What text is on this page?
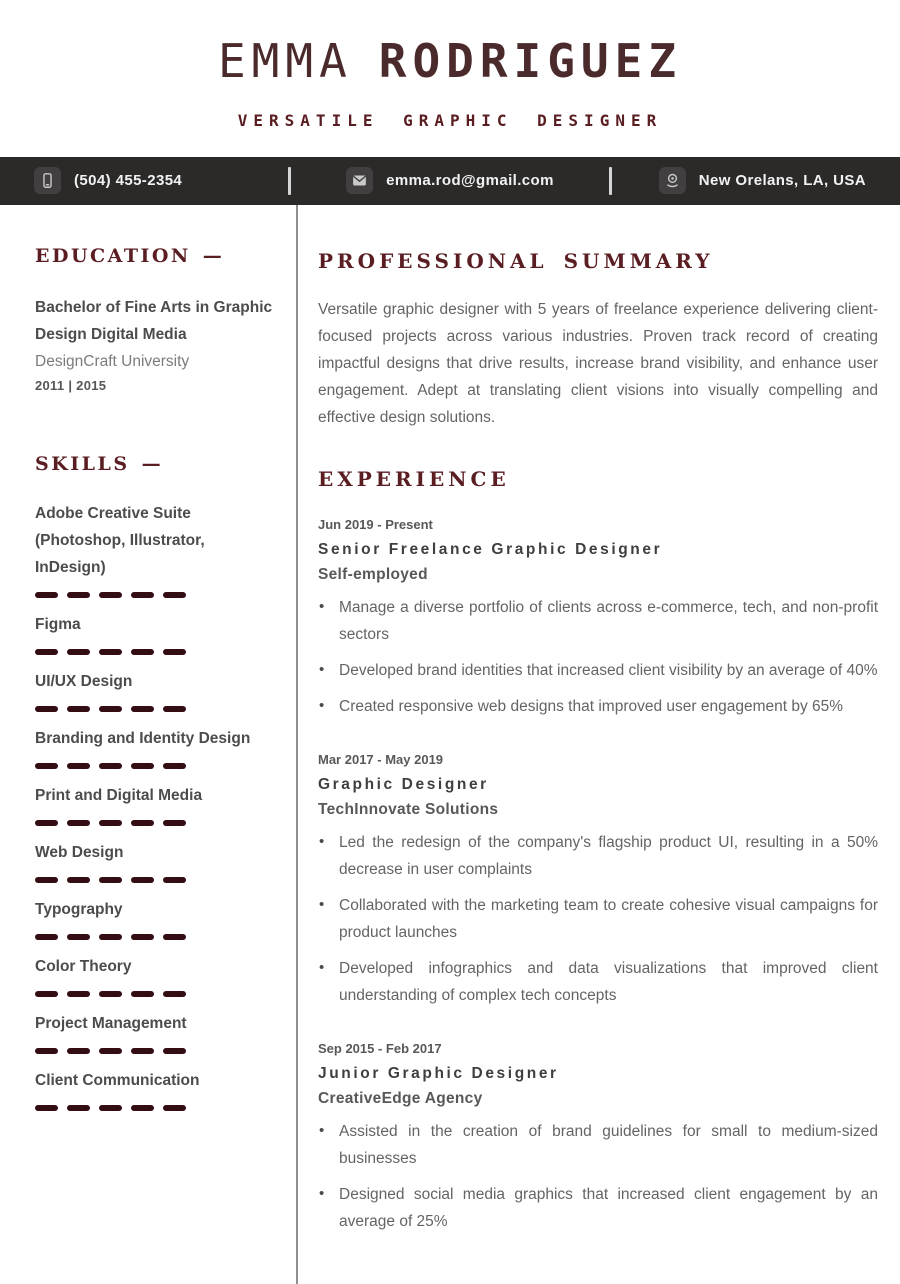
EMMA RODRIGUEZ
VERSATILE GRAPHIC DESIGNER
(504) 455-2354	emma.rod@gmail.com	New Orelans, LA, USA
EDUCATION —
Bachelor of Fine Arts in Graphic Design Digital Media
DesignCraft University
2011 | 2015
SKILLS —
Adobe Creative Suite (Photoshop, Illustrator, InDesign)
Figma
UI/UX Design
Branding and Identity Design
Print and Digital Media
Web Design
Typography
Color Theory
Project Management
Client Communication
PROFESSIONAL SUMMARY

Versatile graphic designer with 5 years of freelance experience delivering client-focused projects across various industries. Proven track record of creating impactful designs that drive results, increase brand visibility, and enhance user engagement. Adept at translating client visions into visually compelling and effective design solutions.

EXPERIENCE
Jun 2019 - Present
Senior Freelance Graphic Designer
Self-employed
• Manage a diverse portfolio of clients across e-commerce, tech, and non-profit sectors
• Developed brand identities that increased client visibility by an average of 40%
• Created responsive web designs that improved user engagement by 65%
Mar 2017 - May 2019
Graphic Designer
TechInnovate Solutions
• Led the redesign of the company's flagship product UI, resulting in a 50% decrease in user complaints
• Collaborated with the marketing team to create cohesive visual campaigns for product launches
• Developed infographics and data visualizations that improved client understanding of complex tech concepts
Sep 2015 - Feb 2017
Junior Graphic Designer
CreativeEdge Agency
• Assisted in the creation of brand guidelines for small to medium-sized businesses
• Designed social media graphics that increased client engagement by an average of 25%
